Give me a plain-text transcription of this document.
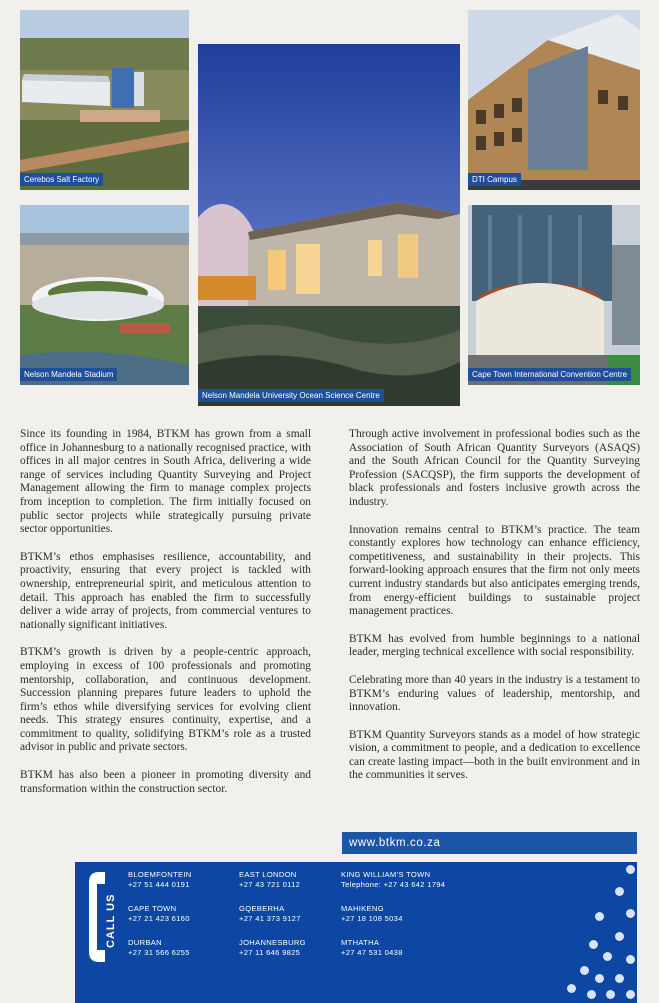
Cerebos Salt Factory
Nelson Mandela Stadium
Nelson Mandela University Ocean Science Centre
DTI Campus
Cape Town International Convention Centre

Since its founding in 1984, BTKM has grown from a small office in Johannesburg to a nationally recognised practice, with offices in all major centres in South Africa, delivering a wide range of services including Quantity Surveying and Project Management allowing the firm to manage complex projects from inception to completion. The firm initially focused on public sector projects while strategically pursuing private sector opportunities.

BTKM’s ethos emphasises resilience, accountability, and proactivity, ensuring that every project is tackled with ownership, entrepreneurial spirit, and meticulous attention to detail. This approach has enabled the firm to successfully deliver a wide array of projects, from commercial ventures to nationally significant initiatives.

BTKM’s growth is driven by a people-centric approach, employing in excess of 100 professionals and promoting mentorship, collaboration, and continuous development. Succession planning prepares future leaders to uphold the firm’s ethos while diversifying services for evolving client needs. This strategy ensures continuity, expertise, and a commitment to quality, solidifying BTKM’s role as a trusted advisor in public and private sectors.

BTKM has also been a pioneer in promoting diversity and transformation within the construction sector.

Through active involvement in professional bodies such as the Association of South African Quantity Surveyors (ASAQS) and the South African Council for the Quantity Surveying Profession (SACQSP), the firm supports the development of black professionals and fosters inclusive growth across the industry.

Innovation remains central to BTKM’s practice. The team constantly explores how technology can enhance efficiency, competitiveness, and sustainability in their projects. This forward-looking approach ensures that the firm not only meets current industry standards but also anticipates emerging trends, from energy-efficient buildings to sustainable project management practices.

BTKM has evolved from humble beginnings to a national leader, merging technical excellence with social responsibility.

Celebrating more than 40 years in the industry is a testament to BTKM’s enduring values of leadership, mentorship, and innovation.

BTKM Quantity Surveyors stands as a model of how strategic vision, a commitment to people, and a dedication to excellence can create lasting impact—both in the built environment and in the communities it serves.

www.btkm.co.za
CALL US
BLOEMFONTEIN
+27 51 444 0191
EAST LONDON
+27 43 721 0112
KING WILLIAM’S TOWN
Telephone: +27 43 642 1794
CAPE TOWN
+27 21 423 6160
GQEBERHA
+27 41 373 9127
MAHIKENG
+27 18 108 5034
DURBAN
+27 31 566 6255
JOHANNESBURG
+27 11 646 9825
MTHATHA
+27 47 531 0438
